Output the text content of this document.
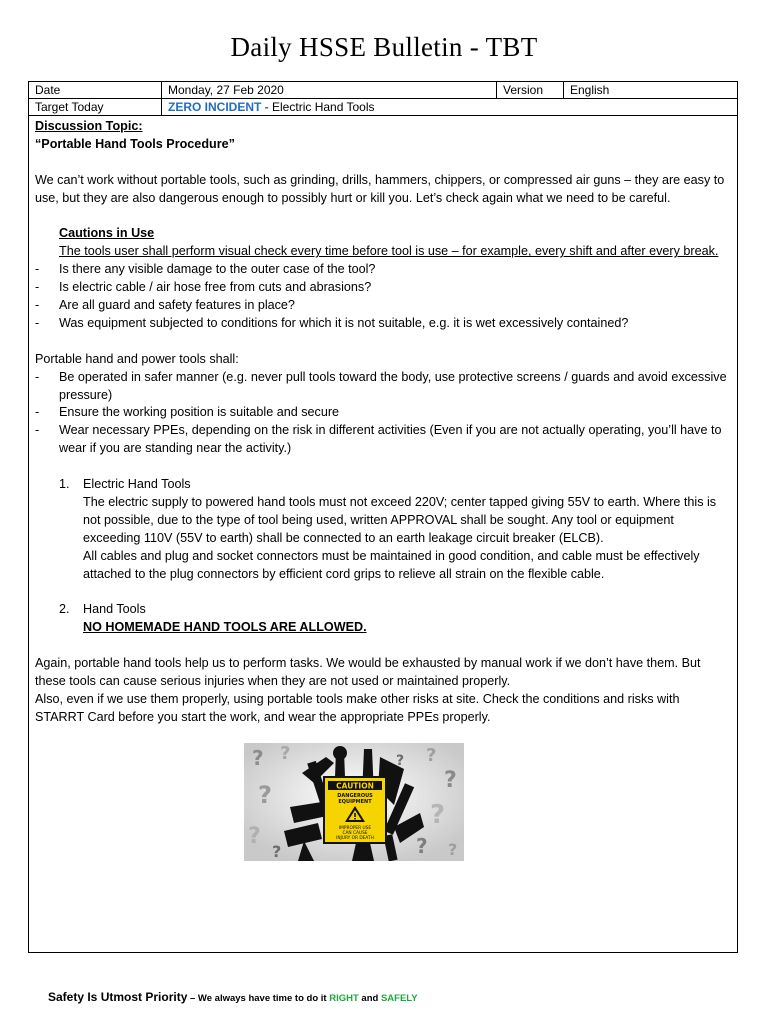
Daily HSSE Bulletin - TBT
Date	Monday, 27 Feb 2020	Version	English
Target Today	ZERO INCIDENT - Electric Hand Tools		

Discussion Topic:

“Portable Hand Tools Procedure”

We can’t work without portable tools, such as grinding, drills, hammers, chippers, or compressed air guns – they are easy to use, but they are also dangerous enough to possibly hurt or kill you. Let’s check again what we need to be careful.

Cautions in Use

The tools user shall perform visual check every time before tool is use – for example, every shift and after every break.

- Is there any visible damage to the outer case of the tool?
- Is electric cable / air hose free from cuts and abrasions?
- Are all guard and safety features in place?
- Was equipment subjected to conditions for which it is not suitable, e.g. it is wet excessively contained?

Portable hand and power tools shall:

- Be operated in safer manner (e.g. never pull tools toward the body, use protective screens / guards and avoid excessive pressure)
- Ensure the working position is suitable and secure
- Wear necessary PPEs, depending on the risk in different activities (Even if you are not actually operating, you’ll have to wear if you are standing near the activity.)

1. Electric Hand Tools

The electric supply to powered hand tools must not exceed 220V; center tapped giving 55V to earth. Where this is not possible, due to the type of tool being used, written APPROVAL shall be sought. Any tool or equipment exceeding 110V (55V to earth) shall be connected to an earth leakage circuit breaker (ELCB).

All cables and plug and socket connectors must be maintained in good condition, and cable must be effectively attached to the plug connectors by efficient cord grips to relieve all strain on the flexible cable.

2. Hand Tools

NO HOMEMADE HAND TOOLS ARE ALLOWED.

Again, portable hand tools help us to perform tasks. We would be exhausted by manual work if we don’t have them. But these tools can cause serious injuries when they are not used or maintained properly.

Also, even if we use them properly, using portable tools make other risks at site. Check the conditions and risks with STARRT Card before you start the work, and wear the appropriate PPEs properly.

? ?
?
?
?
?
?
?
? ?
?
CAUTION
DANGEROUS
EQUIPMENT
IMPROPER USE
CAN CAUSE
INJURY OR DEATH
Safety Is Utmost Priority – We always have time to do it RIGHT and SAFELY
